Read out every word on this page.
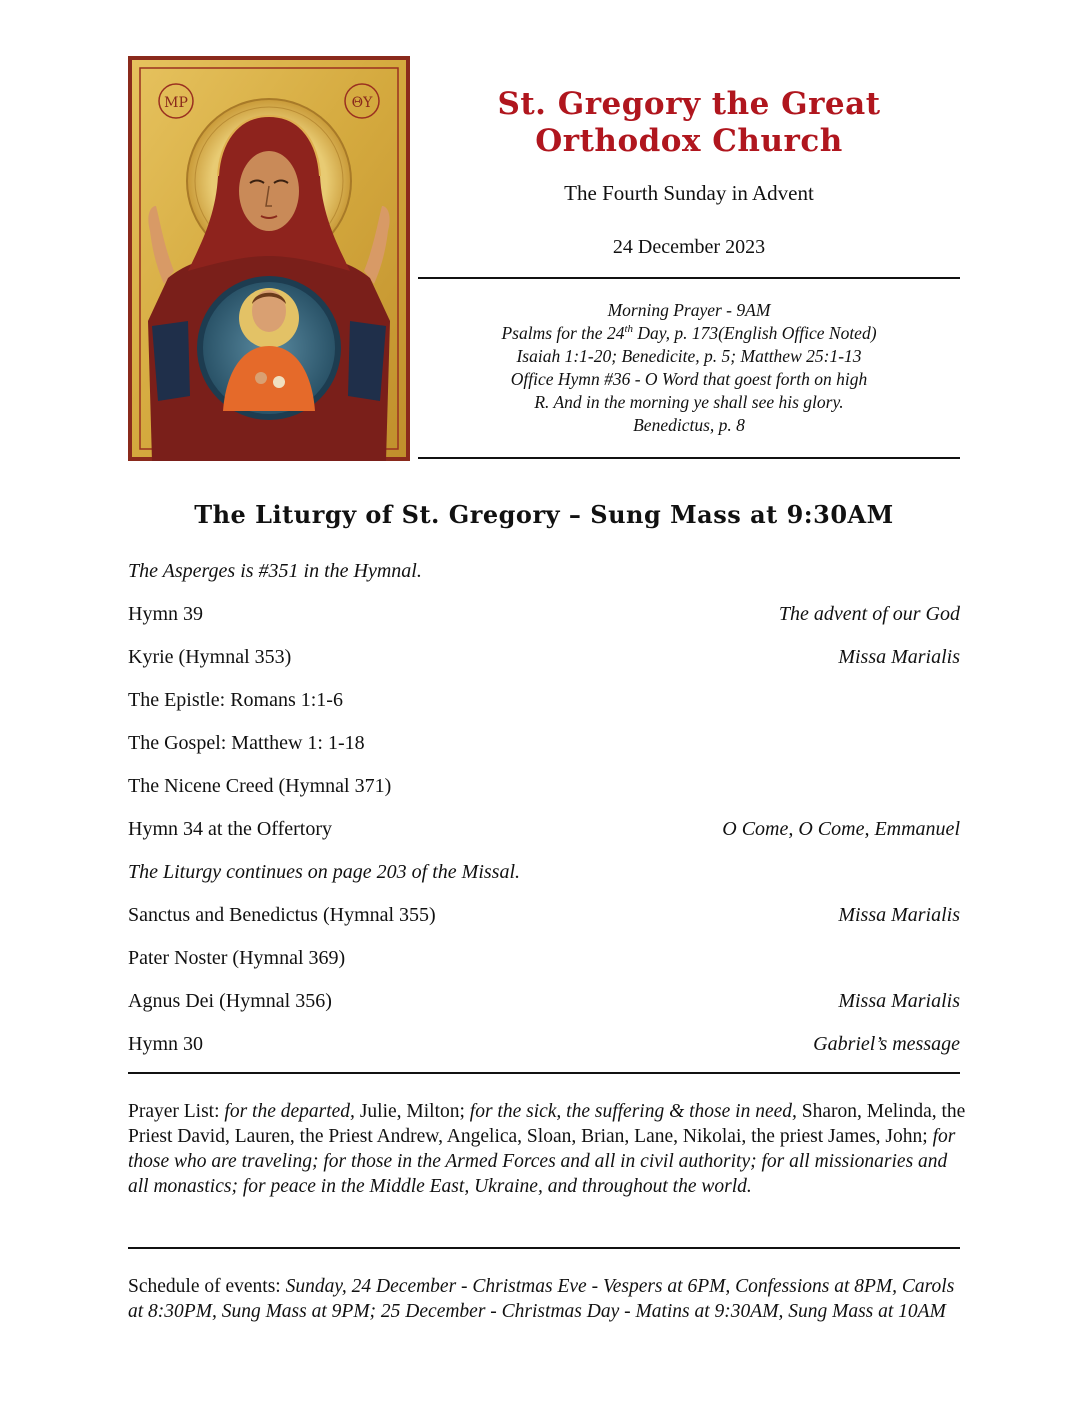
ΜΡ	ΘΥ	St. Gregory the Great
Orthodox Church
The Fourth Sunday in Advent
24 December 2023
Morning Prayer - 9AM
Psalms for the 24th Day, p. 173(English Office Noted)
Isaiah 1:1-20; Benedicite, p. 5; Matthew 25:1-13
Office Hymn #36 - O Word that goest forth on high
R. And in the morning ye shall see his glory.
Benedictus, p. 8
The Liturgy of St. Gregory – Sung Mass at 9:30AM
The Asperges is #351 in the Hymnal.
Hymn 39	The advent of our God
Kyrie (Hymnal 353)	Missa Marialis
The Epistle: Romans 1:1-6
The Gospel: Matthew 1: 1-18
The Nicene Creed (Hymnal 371)
Hymn 34 at the Offertory	O Come, O Come, Emmanuel
The Liturgy continues on page 203 of the Missal.
Sanctus and Benedictus (Hymnal 355)	Missa Marialis
Pater Noster (Hymnal 369)
Agnus Dei (Hymnal 356)	Missa Marialis
Hymn 30	Gabriel’s message
Prayer List: for the departed, Julie, Milton; for the sick, the suffering & those in need, Sharon, Melinda, the Priest David, Lauren, the Priest Andrew, Angelica, Sloan, Brian, Lane, Nikolai, the priest James, John; for those who are traveling; for those in the Armed Forces and all in civil authority; for all missionaries and all monastics; for peace in the Middle East, Ukraine, and throughout the world.
Schedule of events: Sunday, 24 December - Christmas Eve - Vespers at 6PM, Confessions at 8PM, Carols at 8:30PM, Sung Mass at 9PM; 25 December - Christmas Day - Matins at 9:30AM, Sung Mass at 10AM
